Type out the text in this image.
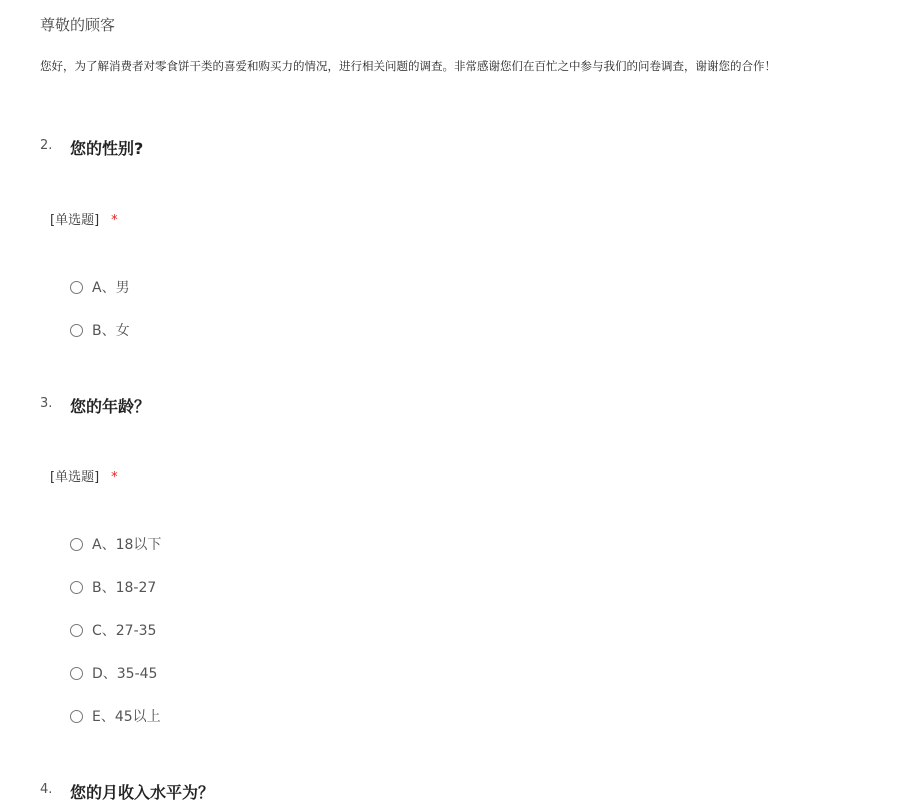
尊敬的顾客
您好，为了解消费者对零食饼干类的喜爱和购买力的情况，进行相关问题的调查。非常感谢您们在百忙之中参与我们的问卷调查，谢谢您的合作！
2. 您的性别?
[单选题] *
A、男
B、女
3. 您的年龄？
[单选题] *
A、18以下
B、18-27
C、27-35
D、35-45
E、45以上
4. 您的月收入水平为？
